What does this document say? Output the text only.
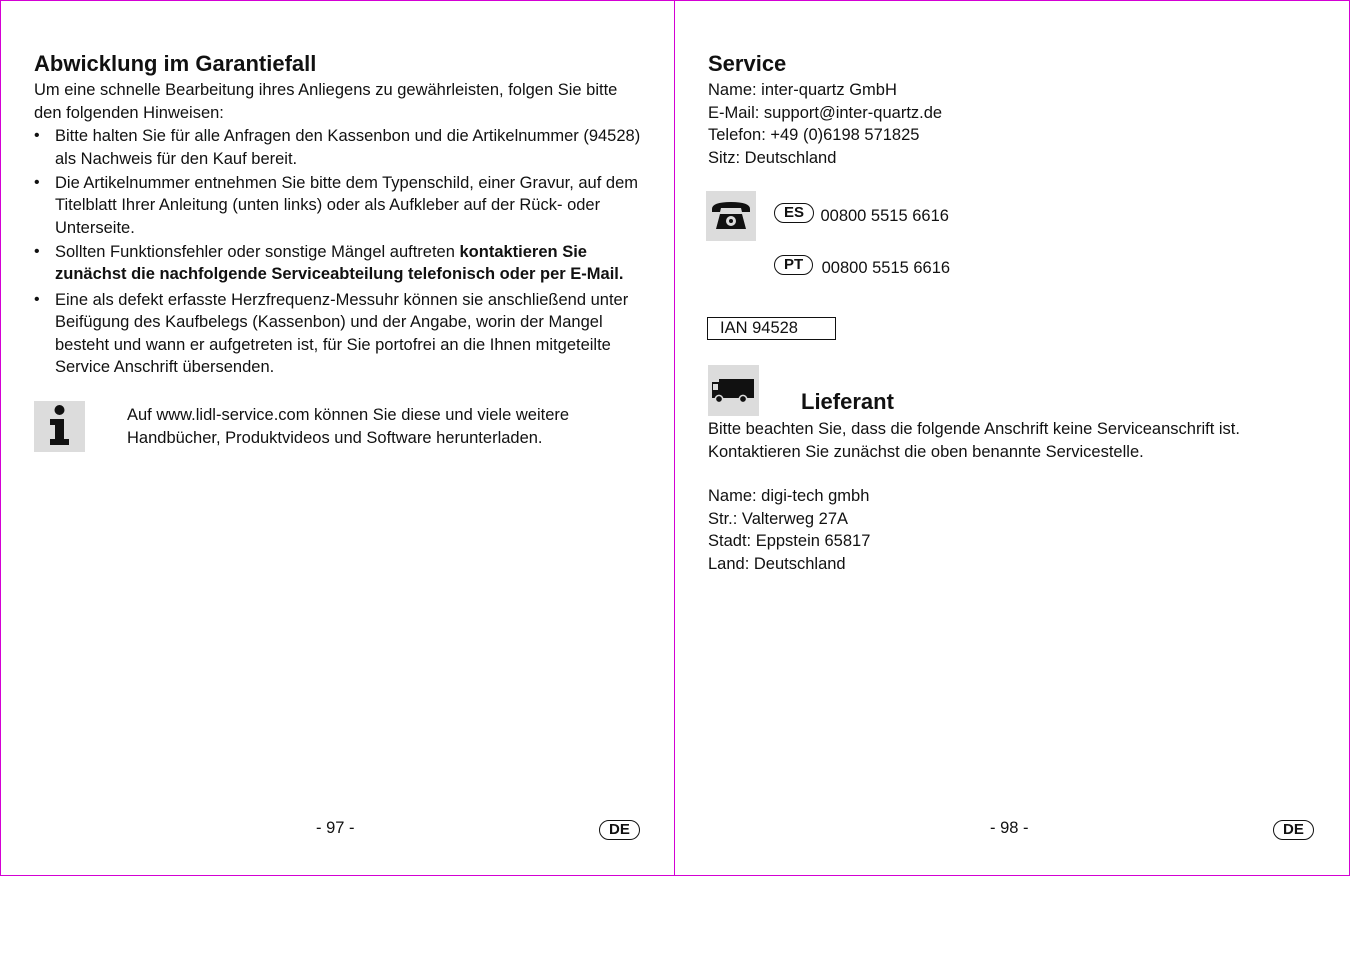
Abwicklung im Garantiefall
Um eine schnelle Bearbeitung ihres Anliegens zu gewährleisten, folgen Sie bitte den folgenden Hinweisen:
• Bitte halten Sie für alle Anfragen den Kassenbon und die Artikelnummer (94528) als Nachweis für den Kauf bereit.
• Die Artikelnummer entnehmen Sie bitte dem Typenschild, einer Gravur, auf dem Titelblatt Ihrer Anleitung (unten links) oder als Aufkleber auf der Rück- oder Unterseite.
• Sollten Funktionsfehler oder sonstige Mängel auftreten kontaktieren Sie zunächst die nachfolgende Serviceabteilung telefonisch oder per E-Mail.
• Eine als defekt erfasste Herzfrequenz-Messuhr können sie anschließend unter Beifügung des Kaufbelegs (Kassenbon) und der Angabe, worin der Mangel besteht und wann er aufgetreten ist, für Sie portofrei an die Ihnen mitgeteilte Service Anschrift übersenden.
Auf www.lidl-service.com können Sie diese und viele weitere Handbücher, Produktvideos und Software herunterladen.
- 97 -	DE
Service
Name: inter-quartz GmbH
E-Mail: support@inter-quartz.de
Telefon: +49 (0)6198 571825
Sitz: Deutschland
ES 00800 5515 6616
PT 00800 5515 6616
IAN 94528
Lieferant
Bitte beachten Sie, dass die folgende Anschrift keine Serviceanschrift ist. Kontaktieren Sie zunächst die oben benannte Servicestelle.
Name: digi-tech gmbh
Str.: Valterweg 27A
Stadt: Eppstein 65817
Land: Deutschland
- 98 -	DE
